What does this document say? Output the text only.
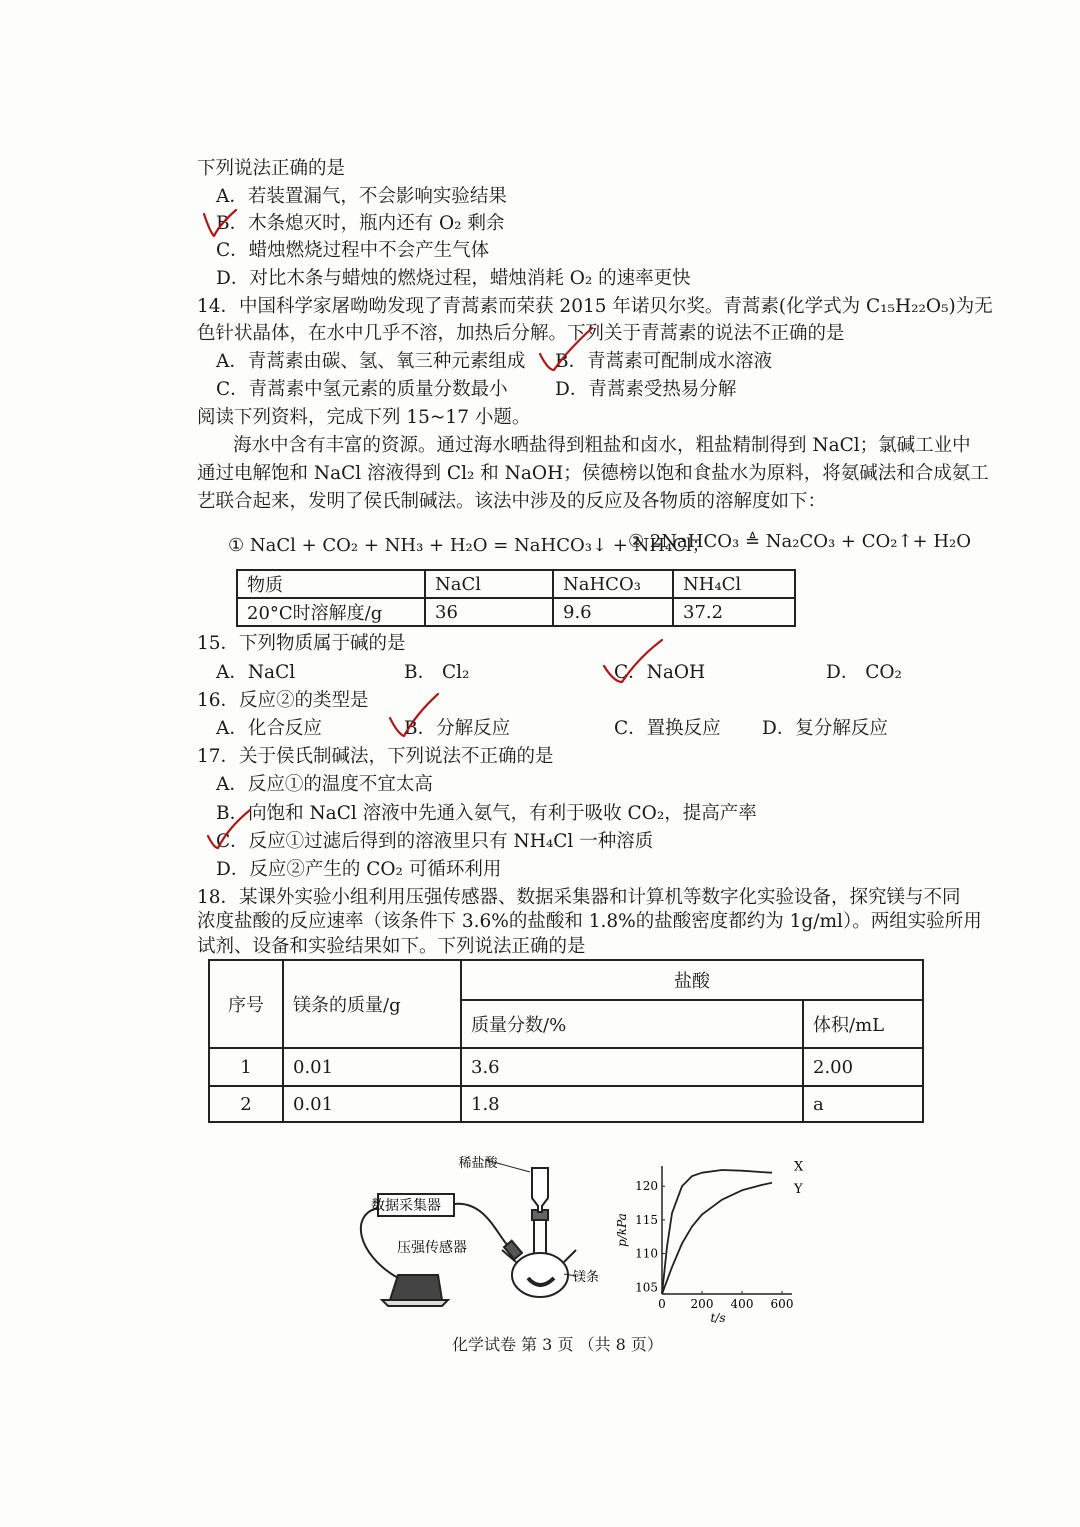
下列说法正确的是
A．若装置漏气，不会影响实验结果
B．木条熄灭时，瓶内还有 O₂ 剩余
C．蜡烛燃烧过程中不会产生气体
D．对比木条与蜡烛的燃烧过程，蜡烛消耗 O₂ 的速率更快
14．中国科学家屠呦呦发现了青蒿素而荣获 2015 年诺贝尔奖。青蒿素(化学式为 C₁₅H₂₂O₅)为无
色针状晶体，在水中几乎不溶，加热后分解。下列关于青蒿素的说法不正确的是
A．青蒿素由碳、氢、氧三种元素组成 B．青蒿素可配制成水溶液
C．青蒿素中氢元素的质量分数最小	D．青蒿素受热易分解
阅读下列资料，完成下列 15~17 小题。
海水中含有丰富的资源。通过海水晒盐得到粗盐和卤水，粗盐精制得到 NaCl；氯碱工业中
通过电解饱和 NaCl 溶液得到 Cl₂ 和 NaOH；侯德榜以饱和食盐水为原料，将氨碱法和合成氨工
艺联合起来，发明了侯氏制碱法。该法中涉及的反应及各物质的溶解度如下：
① NaCl + CO₂ + NH₃ + H₂O = NaHCO₃↓ + NH₄Cl；
② 2NaHCO₃ ≜ Na₂CO₃ + CO₂↑+ H₂O
物质	NaCl	NaHCO₃	NH₄Cl
20°C时溶解度/g	36	9.6	37.2
15．下列物质属于碱的是
A．NaCl	B． Cl₂	C．NaOH	D． CO₂
16．反应②的类型是
A．化合反应	B．分解反应	C．置换反应 D．复分解反应
17．关于侯氏制碱法，下列说法不正确的是
A．反应①的温度不宜太高
B．向饱和 NaCl 溶液中先通入氨气，有利于吸收 CO₂，提高产率
C．反应①过滤后得到的溶液里只有 NH₄Cl 一种溶质
D．反应②产生的 CO₂ 可循环利用
18．某课外实验小组利用压强传感器、数据采集器和计算机等数字化实验设备，探究镁与不同
浓度盐酸的反应速率（该条件下 3.6%的盐酸和 1.8%的盐酸密度都约为 1g/ml）。两组实验所用
试剂、设备和实验结果如下。下列说法正确的是
序号	镁条的质量/g	盐酸	
		质量分数/%	体积/mL
1	0.01	3.6	2.00
2	0.01	1.8	a
数据采集器
稀盐酸
压强传感器
镁条
0 200 400 600
105
110
115
120
t/s
p/kPa
X
Y
化学试卷 第 3 页 （共 8 页）
